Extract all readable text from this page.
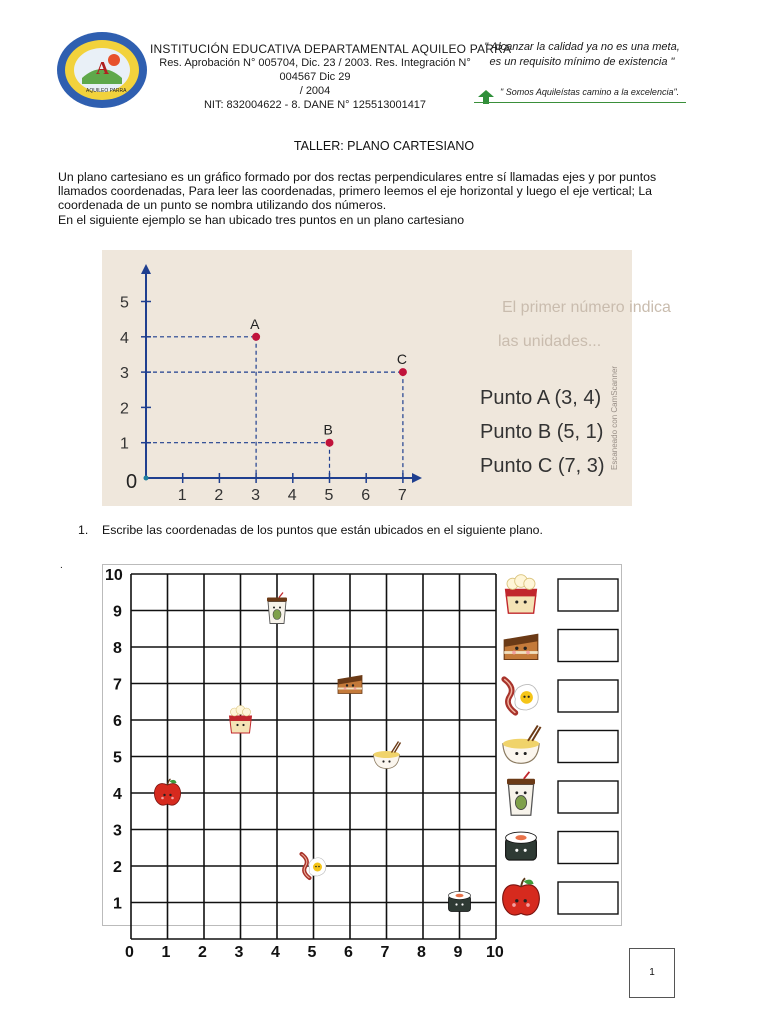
A
AQUILEO PARRA
INSTITUCIÓN EDUCATIVA DEPARTAMENTAL AQUILEO PARRA
Res. Aprobación N° 005704, Dic. 23 / 2003. Res. Integración N° 004567 Dic 29
/ 2004
NIT: 832004622 - 8. DANE N° 125513001417
" Alcanzar la calidad ya no es una meta,
es un requisito mínimo de existencia "
" Somos Aquileístas camino a la excelencia".
TALLER: PLANO CARTESIANO
Un plano cartesiano es un gráfico formado por dos rectas perpendiculares entre sí llamadas ejes y por puntos
llamados coordenadas, Para leer las coordenadas, primero leemos el eje horizontal y luego el eje vertical; La
coordenada de un punto se nombra utilizando dos números.
En el siguiente ejemplo se han ubicado tres puntos en un plano cartesiano
El primer número indica
las unidades...
0
1 2 3 4 5 6 7
1
2
3
4
5
A
B
C
Punto A (3, 4)
Punto B (5, 1)
Punto C (7, 3) Escaneado con CamScanner
1. Escribe las coordenadas de los puntos que están ubicados en el siguiente plano.
.
0 1 2 3 4 5 6 7 8 9 10
1
2
3
4
5
6
7
8
9
10
1
